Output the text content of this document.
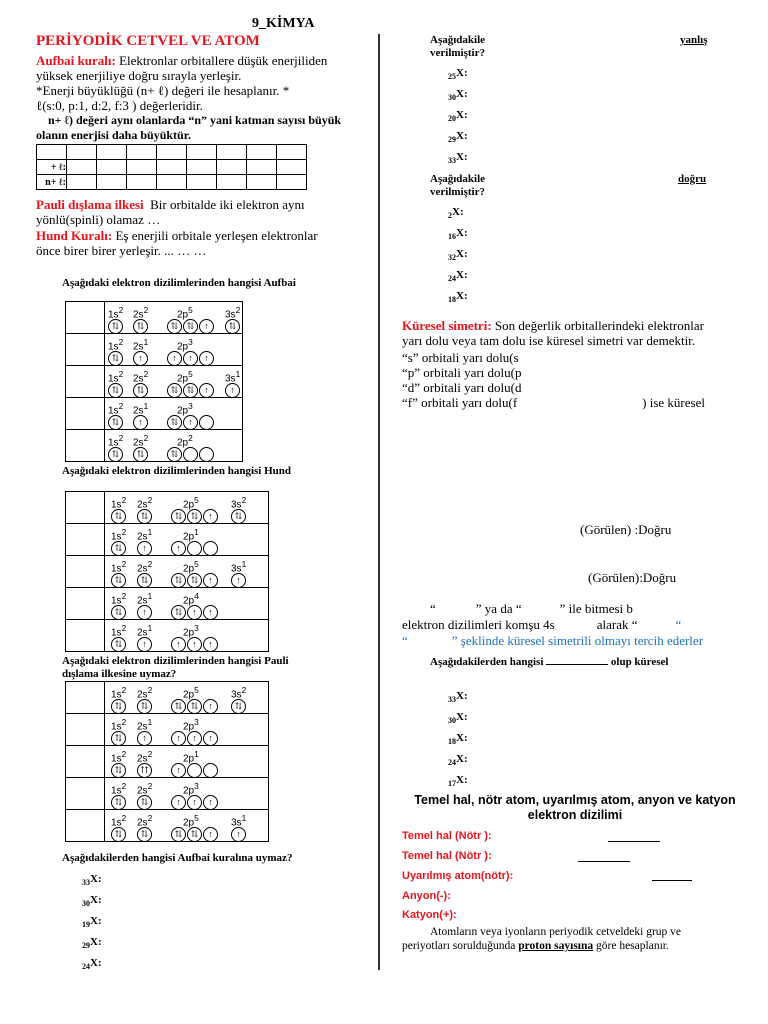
9_KİMYA
PERİYODİK CETVEL VE ATOM
Aufbai kuralı: Elektronlar orbitallere düşük enerjiliden
yüksek enerjiliye doğru sırayla yerleşir.
*Enerji büyüklüğü (n+ ℓ) değeri ile hesaplanır. *
ℓ(s:0, p:1, d:2, f:3 ) değerleridir.
n+ ℓ) değeri aynı olanlarda “n” yani katman sayısı büyük
olanın enerjisi daha büyüktür.

+ ℓ:								
n+ ℓ:								
Pauli dışlama ilkesi Bir orbitalde iki elektron aynı
yönlü(spinli) olamaz …
Hund Kuralı: Eş enerjili orbitale yerleşen elektronlar
önce birer birer yerleşir. ... … …
Aşağıdaki elektron dizilimlerinden hangisi Aufbai
$1s^2$ $2s^2$	$2p^5$	$3s^2$
⇅	⇅	⇅ ⇅ ↑	⇅
$1s^2$ $2s^1$	$2p^3$
⇅	↑	↑ ↑ ↑
$1s^2$ $2s^2$	$2p^5$	$3s^1$
⇅	⇅	⇅ ⇅ ↑	↑
$1s^2$ $2s^1$	$2p^3$
⇅	↑	⇅ ↑
$1s^2$ $2s^2$	$2p^2$
⇅	⇅	⇅
Aşağıdaki elektron dizilimlerinden hangisi Hund
$1s^2$ $2s^2$	$2p^5$	$3s^2$
⇅	⇅	⇅ ⇅ ↑	⇅
$1s^2$ $2s^1$	$2p^1$
⇅	↑	↑
$1s^2$ $2s^2$	$2p^5$	$3s^1$
⇅	⇅	⇅ ⇅ ↑	↑
$1s^2$ $2s^1$	$2p^4$
⇅	↑	⇅ ↑ ↑
$1s^2$ $2s^1$	$2p^3$
⇅	↑	↑ ↑ ↑
Aşağıdaki elektron dizilimlerinden hangisi Pauli
dışlama ilkesine uymaz?
$1s^2$ $2s^2$	$2p^5$	$3s^2$
⇅	⇅	⇅ ⇅ ↑	⇅
$1s^2$ $2s^1$	$2p^3$
⇅	↑	↑ ↑ ↑
$1s^2$ $2s^2$	$2p^1$
⇅	⇈	↑
$1s^2$ $2s^2$	$2p^3$
⇅	⇅	↑ ↑ ↑
$1s^2$ $2s^2$	$2p^5$	$3s^1$
⇅	⇅	⇅ ⇅ ↑	↑
Aşağıdakilerden hangisi Aufbai kuralına uymaz?
$_{33}$X:
$_{30}$X:
$_{19}$X:
$_{29}$X:
$_{24}$X:
Aşağıdakile
verilmiştir?
yanlış
$_{25}$X:
$_{30}$X:
$_{20}$X:
$_{29}$X:
$_{33}$X:
Aşağıdakile
verilmiştir?
doğru
$_2$X:
$_{16}$X:
$_{32}$X:
$_{24}$X:
$_{18}$X:
Küresel simetri: Son değerlik orbitallerindeki elektronlar
yarı dolu veya tam dolu ise küresel simetri var demektir.
“s” orbitali yarı dolu(s
“p” orbitali yarı dolu(p
“d” orbitali yarı dolu(d
“f” orbitali yarı dolu(f	) ise küresel
(Görülen) :Doğru
(Görülen):Doğru
“	” ya da “	” ile bitmesi b
elektron dizilimleri komşu 4s	alarak “	“
“	” şeklinde küresel simetrili olmayı tercih ederler
Aşağıdakilerden hangisi	olup küresel
$_{33}$X:
$_{30}$X:
$_{18}$X:
$_{24}$X:
$_{17}$X:
Temel hal, nötr atom, uyarılmış atom, anyon ve katyon
elektron dizilimi
Temel hal (Nötr ):
Temel hal (Nötr ):
Uyarılmış atom(nötr):
Anyon(-):
Katyon(+):
Atomların veya iyonların periyodik cetveldeki grup ve
periyotları sorulduğunda proton sayısına göre hesaplanır.
